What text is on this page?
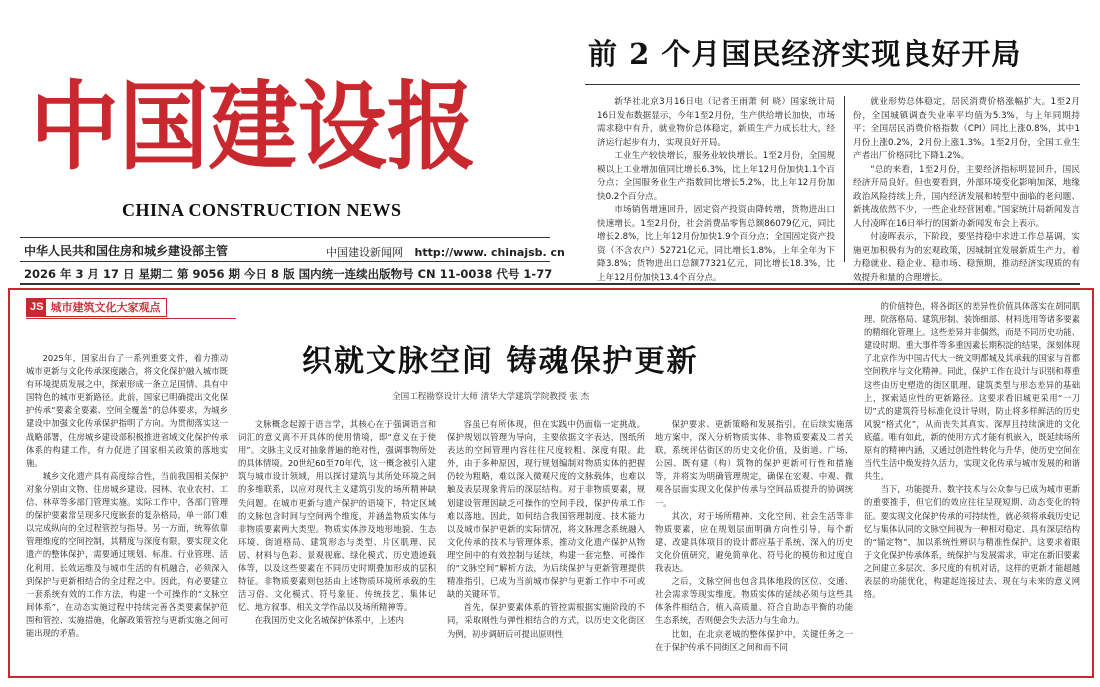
中国建设报
CHINA CONSTRUCTION NEWS
中华人民共和国住房和城乡建设部主管	中国建设新闻网 http://www. chinajsb. cn
2026 年 3 月 17 日 星期二 第 9056 期 今日 8 版 国内统一连续出版物号 CN 11-0038 代号 1-77
前 2 个月国民经济实现良好开局

新华社北京3月16日电（记者王雨萧 何 晓）国家统计局16日发布数据显示，今年1至2月份，生产供给增长加快，市场需求稳中有升，就业物价总体稳定，新质生产力成长壮大，经济运行起步有力，实现良好开局。

工业生产较快增长，服务业较快增长。1至2月份，全国规模以上工业增加值同比增长6.3%，比上年12月份加快1.1个百分点；全国服务业生产指数同比增长5.2%，比上年12月份加快0.2个百分点。

市场销售增速回升，固定资产投资由降转增，货物进出口快速增长。1至2月份，社会消费品零售总额86079亿元，同比增长2.8%，比上年12月份加快1.9个百分点；全国固定资产投资（不含农户）52721亿元，同比增长1.8%，上年全年为下降3.8%；货物进出口总额77321亿元，同比增长18.3%，比上年12月份加快13.4个百分点。

就业形势总体稳定，居民消费价格涨幅扩大。1至2月份，全国城镇调查失业率平均值为5.3%，与上年同期持平；全国居民消费价格指数（CPI）同比上涨0.8%，其中1月份上涨0.2%，2月份上涨1.3%。1至2月份，全国工业生产者出厂价格同比下降1.2%。

“总的来看，1至2月份，主要经济指标明显回升，国民经济开局良好。但也要看到，外部环境变化影响加深，地缘政治风险持续上升，国内经济发展和转型中面临的老问题、新挑战依然不少，一些企业经营困难。”国家统计局新闻发言人付凌晖在16日举行的国新办新闻发布会上表示。

付凌晖表示，下阶段，要坚持稳中求进工作总基调，实施更加积极有为的宏观政策，因城制宜发展新质生产力，着力稳就业、稳企业、稳市场、稳预期，推动经济实现质的有效提升和量的合理增长。

JS 城市建筑文化大家观点
织就文脉空间 铸魂保护更新
全国工程勘察设计大师 清华大学建筑学院教授 张 杰

2025年，国家出台了一系列重要文件，着力推动城市更新与文化传承深度融合，将文化保护融入城市既有环境提质发展之中，探索形成一条立足国情、具有中国特色的城市更新路径。此前，国家已明确提出文化保护传承“要素全要素、空间全覆盖”的总体要求，为城乡建设中加强文化传承保护指明了方向。为贯彻落实这一战略部署，住房城乡建设部积极推进省域文化保护传承体系的构建工作，有力促进了国家相关政策的落地实施。

城乡文化遗产具有高度综合性，当前我国相关保护对象分别由文物、住房城乡建设、园林、农业农村、工信、林草等多部门管理实施。实际工作中，各部门管理的保护要素常呈现多尺度嵌套的复杂格局，单一部门难以完成纵向的全过程管控与指导。另一方面，统筹依靠管理维度的空间控制，其精度与深度有限，要实现文化遗产的整体保护，需要通过规划、标准、行业管理、活化利用、长效运维及与城市生活的有机融合，必须深入到保护与更新相结合的全过程之中。因此，有必要建立一套系统有效的工作方法，构建一个可操作的“文脉空间体系”，在动态实施过程中持续完善各类要素保护范围和管控、实施措施，化解政策管控与更新实施之间可能出现的矛盾。

文脉概念起源于语言学，其核心在于强调语言和词汇的意义离不开具体的使用情境，即“意义在于使用”。文脉主义反对抽象普遍的绝对性，强调事物所处的具体情境。20世纪60至70年代，这一概念被引入建筑与城市设计领域，用以探讨建筑与其所处环境之间的多维联系，以应对现代主义建筑引发的场所精神缺失问题。在城市更新与遗产保护的语境下，特定区域的文脉包含时间与空间两个维度，并涵盖物质实体与非物质要素两大类型。物质实体涉及地形地貌、生态环境、街道格局、建筑形态与类型、片区肌理、民居、材料与色彩、景观视廊、绿化模式、历史遗迹载体等，以及这些要素在不同历史时期叠加形成的层积特征。非物质要素则包括由上述物质环境所承载的生活习俗、文化模式、符号象征、传统技艺、集体记忆、地方叙事、相关文学作品以及场所精神等。

在我国历史文化名城保护体系中，上述内

容虽已有所体现，但在实践中仍面临一定挑战。保护规划以管理为导向，主要依据文字表达，图纸所表达的空间管理内容往往尺度较粗、深度有限。此外，由于多种原因，现行规划编制对物质实体的把握仍较为粗略，难以深入微观尺度的文脉载体，也难以触及表层现象背后的深层结构。对于非物质要素，规划建设管理因缺乏可操作的空间手段，保护传承工作难以落地。因此，如何结合我国管理制度、技术能力以及城市保护更新的实际情况，将文脉理念系统融入文化传承的技术与管理体系，推动文化遗产保护从物理空间中的有效控制与延续，构建一套完整、可操作的“文脉空间”解析方法，为后续保护与更新管理提供精准指引，已成为当前城市保护与更新工作中不可或缺的关键环节。

首先，保护要素体系的管控需根据实施阶段的不同，采取刚性与弹性相结合的方式，以历史文化街区为例，初步调研后可提出原则性

保护要求、更新策略和发展指引，在后续实施落地方案中，深入分析物质实体、非物质要素及二者关联，系统评估街区的历史文化价值，及街道、广场、公园、既有建（构）筑物的保护更新可行性和措施等，并将实为明确管理规定，确保在宏观、中观、微观各层面实现文化保护传承与空间品质提升的协调统一。

其次，对于场所精神、文化空间、社会生活等非物质要素，应在规划层面明确方向性引导，每个新建、改建具体项目的设计都应基于系统、深入的历史文化价值研究，避免简单化、符号化的模仿和过度自我表达。

之后，文脉空间也包含具体地段的区位、交通、社会需求等现实维度。物质实体的延续必须与这些具体条件相结合，植入高质量、符合自助态平衡的功能生态系统，否则便会失去活力与生命力。

比如，在北京老城的整体保护中，关键任务之一在于保护传承不同街区之间和而不同

的价值特色，将各街区的差异性价值具体落实在胡同肌理、院落格局、建筑形制、装饰细部、材料选用等诸多要素的精细化管理上。这些差异并非偶然，而是不同历史功能、建设时期、重大事件等多重因素长期积淀的结果，深刻体现了北京作为中国古代大一统文明都城及其承载的国家与首都空间秩序与文化精神。同此，保护工作在设计与识别和尊重这些由历史塑造的街区肌理、建筑类型与形态差异的基础上，探索适应性的更新路径。这要求看旧城更采用“一刀切”式的建筑符号标准化设计导则，防止将多样鲜活的历史风貌“格式化”，从而丧失其真实、深厚且持续演进的文化底蕴。唯有如此，新的使用方式才能有机嵌入，既延续场所原有的精神内涵，又通过创造性转化与升华，使历史空间在当代生活中焕发持久活力，实现文化传承与城市发展的和谐共生。

当下，功能提升、数字技术与公众参与已成为城市更新的重要推手，但它们的效应往往呈现短期、动态变化的特征。要实现文化保护传承的可持续性，就必须将承载历史记忆与集体认同的文脉空间视为一种相对稳定、具有深层结构的“锚定物”，加以系统性辨识与精准性保护。这要求着眼于文化保护传承体系，统保护与发展需求，审定在新旧要素之间建立多层次、多尺度的有机对话，这样的更新才能超越表层的功能优化，构建起连接过去、现在与未来的意义网络。
